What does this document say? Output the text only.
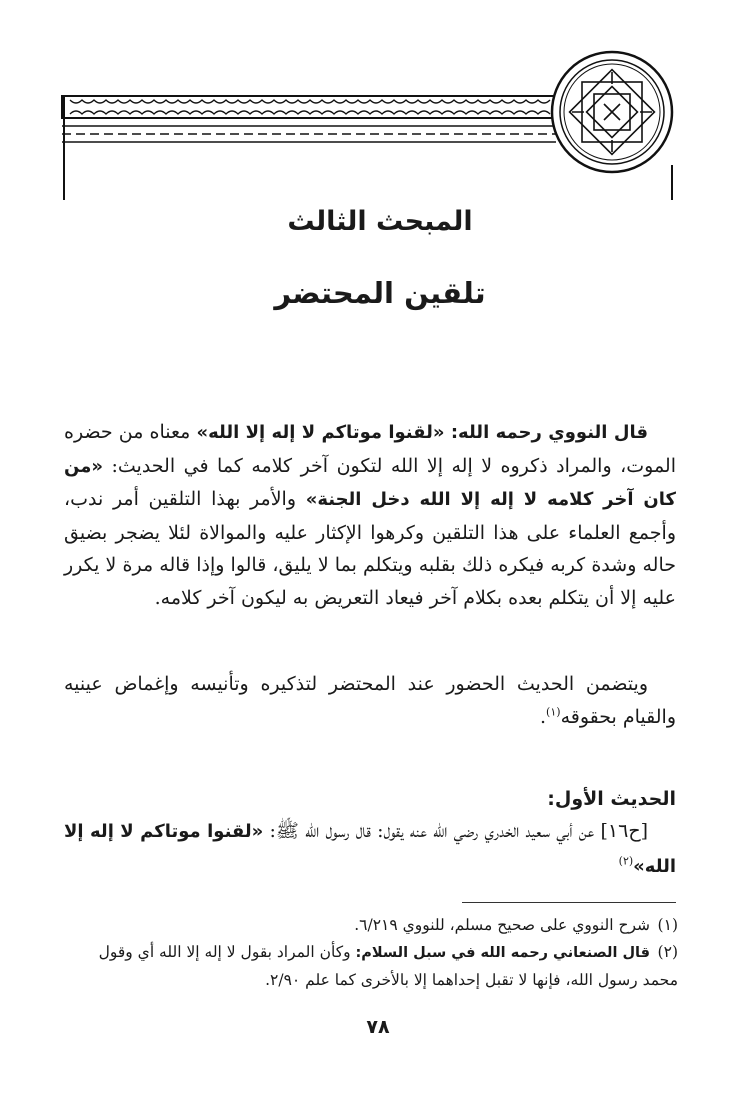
المبحث الثالث
تلقين المحتضر
قال النووي رحمه الله: «لقنوا موتاكم لا إله إلا الله» معناه من حضره الموت، والمراد ذكروه لا إله إلا الله لتكون آخر كلامه كما في الحديث: «من كان آخر كلامه لا إله إلا الله دخل الجنة» والأمر بهذا التلقين أمر ندب، وأجمع العلماء على هذا التلقين وكرهوا الإكثار عليه والموالاة لئلا يضجر بضيق حاله وشدة كربه فيكره ذلك بقلبه ويتكلم بما لا يليق، قالوا وإذا قاله مرة لا يكرر عليه إلا أن يتكلم بعده بكلام آخر فيعاد التعريض به ليكون آخر كلامه.
ويتضمن الحديث الحضور عند المحتضر لتذكيره وتأنيسه وإغماض عينيه والقيام بحقوقه$^{(١)}$.
الحديث الأول:
[ح١٦] عن أبي سعيد الخدري رضي الله عنه يقول: قال رسول الله ﷺ: «لقنوا موتاكم لا إله إلا الله»$^{(٢)}$

(١)شرح النووي على صحيح مسلم، للنووي ٦/٢١٩.

(٢)قال الصنعاني رحمه الله في سبل السلام: وكأن المراد بقول لا إله إلا الله أي وقول

محمد رسول الله، فإنها لا تقبل إحداهما إلا بالأخرى كما علم ٢/٩٠.

٧٨
